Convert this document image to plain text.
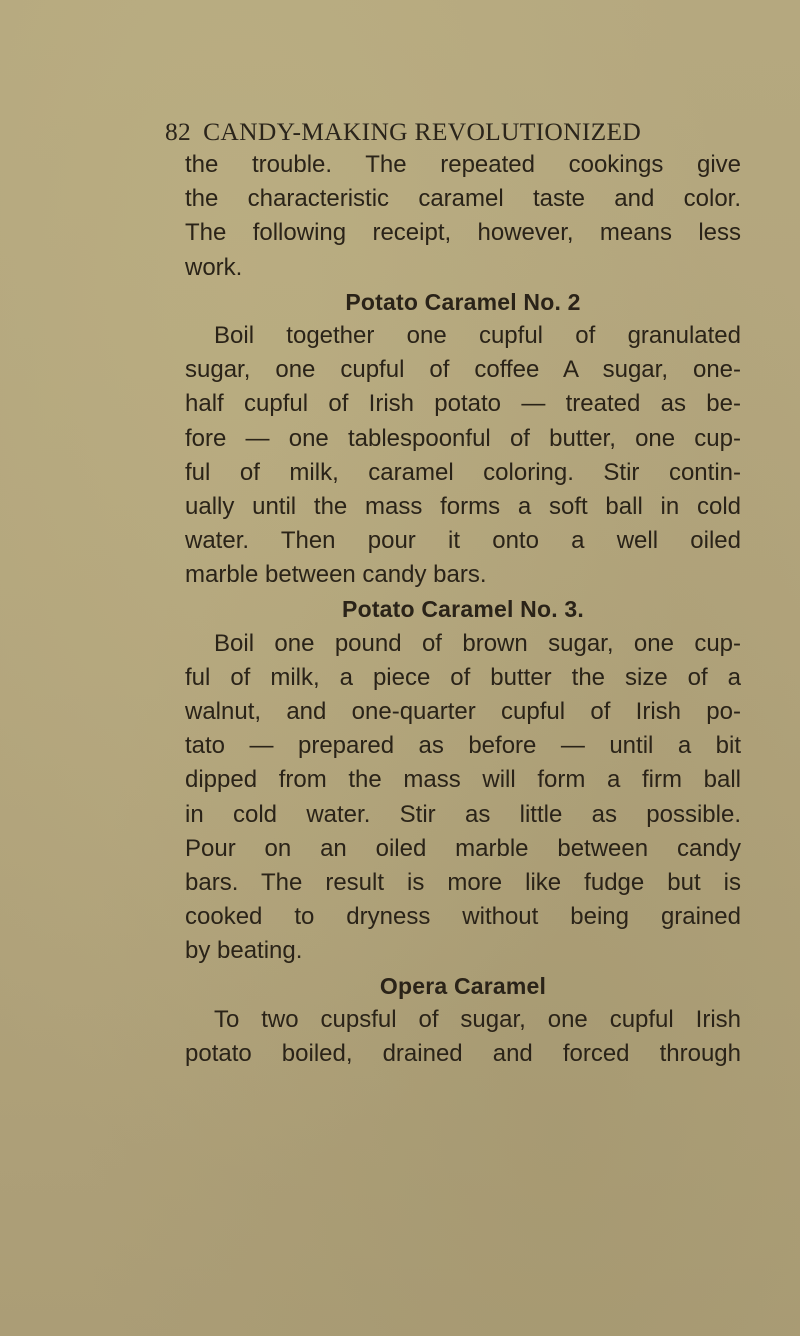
82 CANDY-MAKING REVOLUTIONIZED
the trouble. The repeated cookings give
the characteristic caramel taste and color.
The following receipt, however, means less
work.
Potato Caramel No. 2
Boil together one cupful of granulated
sugar, one cupful of coffee A sugar, one-
half cupful of Irish potato — treated as be-
fore — one tablespoonful of butter, one cup-
ful of milk, caramel coloring. Stir contin-
ually until the mass forms a soft ball in cold
water. Then pour it onto a well oiled
marble between candy bars.
Potato Caramel No. 3.
Boil one pound of brown sugar, one cup-
ful of milk, a piece of butter the size of a
walnut, and one-quarter cupful of Irish po-
tato — prepared as before — until a bit
dipped from the mass will form a firm ball
in cold water. Stir as little as possible.
Pour on an oiled marble between candy
bars. The result is more like fudge but is
cooked to dryness without being grained
by beating.
Opera Caramel
To two cupsful of sugar, one cupful Irish
potato boiled, drained and forced through
